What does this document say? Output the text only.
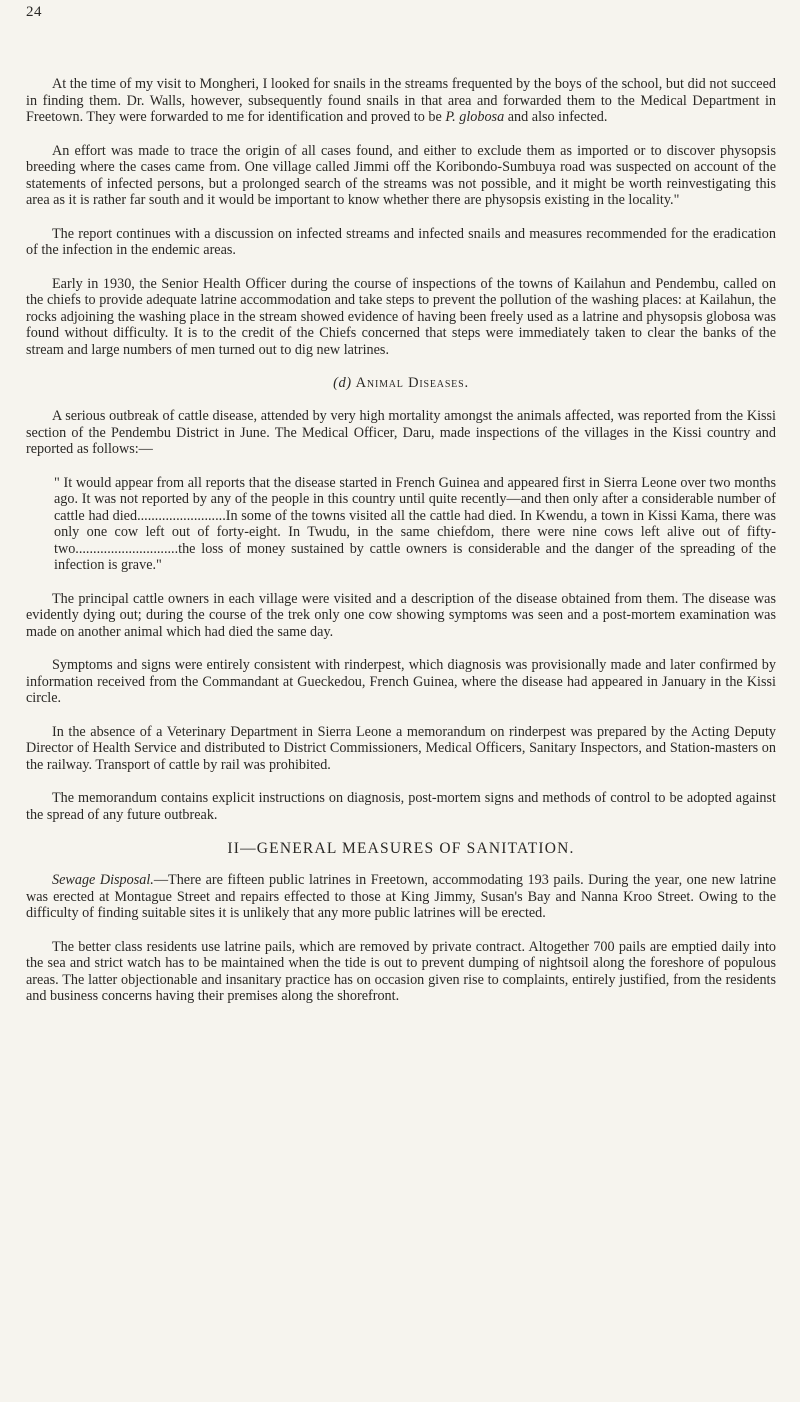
24

At the time of my visit to Mongheri, I looked for snails in the streams frequented by the boys of the school, but did not succeed in finding them. Dr. Walls, however, subsequently found snails in that area and forwarded them to the Medical Department in Freetown. They were forwarded to me for identification and proved to be P. globosa and also infected.

An effort was made to trace the origin of all cases found, and either to exclude them as imported or to discover physopsis breeding where the cases came from. One village called Jimmi off the Koribondo-Sumbuya road was suspected on account of the statements of infected persons, but a prolonged search of the streams was not possible, and it might be worth reinvestigating this area as it is rather far south and it would be important to know whether there are physopsis existing in the locality."

The report continues with a discussion on infected streams and infected snails and measures recommended for the eradication of the infection in the endemic areas.

Early in 1930, the Senior Health Officer during the course of inspections of the towns of Kailahun and Pendembu, called on the chiefs to provide adequate latrine accommodation and take steps to prevent the pollution of the washing places: at Kailahun, the rocks adjoining the washing place in the stream showed evidence of having been freely used as a latrine and physopsis globosa was found without difficulty. It is to the credit of the Chiefs concerned that steps were immediately taken to clear the banks of the stream and large numbers of men turned out to dig new latrines.

(d) Animal Diseases.

A serious outbreak of cattle disease, attended by very high mortality amongst the animals affected, was reported from the Kissi section of the Pendembu District in June. The Medical Officer, Daru, made inspections of the villages in the Kissi country and reported as follows:—

" It would appear from all reports that the disease started in French Guinea and appeared first in Sierra Leone over two months ago. It was not reported by any of the people in this country until quite recently—and then only after a considerable number of cattle had died.........................In some of the towns visited all the cattle had died. In Kwendu, a town in Kissi Kama, there was only one cow left out of forty-eight. In Twudu, in the same chiefdom, there were nine cows left alive out of fifty-two.............................the loss of money sustained by cattle owners is considerable and the danger of the spreading of the infection is grave."

The principal cattle owners in each village were visited and a description of the disease obtained from them. The disease was evidently dying out; during the course of the trek only one cow showing symptoms was seen and a post-mortem examination was made on another animal which had died the same day.

Symptoms and signs were entirely consistent with rinderpest, which diagnosis was provisionally made and later confirmed by information received from the Commandant at Gueckedou, French Guinea, where the disease had appeared in January in the Kissi circle.

In the absence of a Veterinary Department in Sierra Leone a memorandum on rinderpest was prepared by the Acting Deputy Director of Health Service and distributed to District Commissioners, Medical Officers, Sanitary Inspectors, and Station-masters on the railway. Transport of cattle by rail was prohibited.

The memorandum contains explicit instructions on diagnosis, post-mortem signs and methods of control to be adopted against the spread of any future outbreak.

II—GENERAL MEASURES OF SANITATION.

Sewage Disposal.—There are fifteen public latrines in Freetown, accommodating 193 pails. During the year, one new latrine was erected at Montague Street and repairs effected to those at King Jimmy, Susan's Bay and Nanna Kroo Street. Owing to the difficulty of finding suitable sites it is unlikely that any more public latrines will be erected.

The better class residents use latrine pails, which are removed by private contract. Altogether 700 pails are emptied daily into the sea and strict watch has to be maintained when the tide is out to prevent dumping of nightsoil along the foreshore of populous areas. The latter objectionable and insanitary practice has on occasion given rise to complaints, entirely justified, from the residents and business concerns having their premises along the shorefront.
